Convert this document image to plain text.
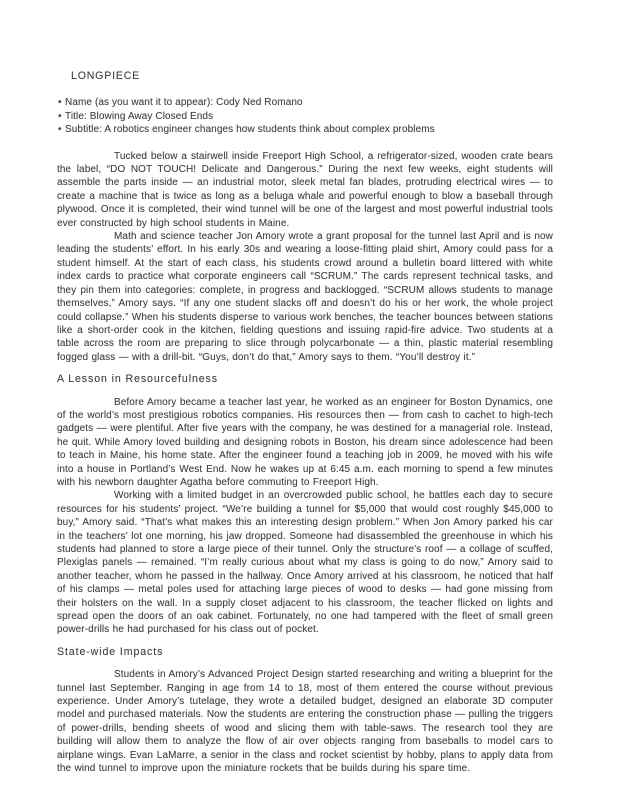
LONGPIECE
• Name (as you want it to appear): Cody Ned Romano
• Title: Blowing Away Closed Ends
• Subtitle: A robotics engineer changes how students think about complex problems

Tucked below a stairwell inside Freeport High School, a refrigerator-sized, wooden crate bears the label, “DO NOT TOUCH! Delicate and Dangerous.” During the next few weeks, eight students will assemble the parts inside — an industrial motor, sleek metal fan blades, protruding electrical wires — to create a machine that is twice as long as a beluga whale and powerful enough to blow a baseball through plywood. Once it is completed, their wind tunnel will be one of the largest and most powerful industrial tools ever constructed by high school students in Maine.

Math and science teacher Jon Amory wrote a grant proposal for the tunnel last April and is now leading the students’ effort. In his early 30s and wearing a loose-fitting plaid shirt, Amory could pass for a student himself. At the start of each class, his students crowd around a bulletin board littered with white index cards to practice what corporate engineers call “SCRUM.” The cards represent technical tasks, and they pin them into categories: complete, in progress and backlogged. “SCRUM allows students to manage themselves,” Amory says. “If any one student slacks off and doesn’t do his or her work, the whole project could collapse.” When his students disperse to various work benches, the teacher bounces between stations like a short-order cook in the kitchen, fielding questions and issuing rapid-fire advice. Two students at a table across the room are preparing to slice through polycarbonate — a thin, plastic material resembling fogged glass — with a drill-bit. “Guys, don’t do that,” Amory says to them. “You’ll destroy it.”

A Lesson in Resourcefulness

Before Amory became a teacher last year, he worked as an engineer for Boston Dynamics, one of the world’s most prestigious robotics companies. His resources then — from cash to cachet to high-tech gadgets — were plentiful. After five years with the company, he was destined for a managerial role. Instead, he quit. While Amory loved building and designing robots in Boston, his dream since adolescence had been to teach in Maine, his home state. After the engineer found a teaching job in 2009, he moved with his wife into a house in Portland’s West End. Now he wakes up at 6:45 a.m. each morning to spend a few minutes with his newborn daughter Agatha before commuting to Freeport High.

Working with a limited budget in an overcrowded public school, he battles each day to secure resources for his students’ project. “We’re building a tunnel for $5,000 that would cost roughly $45,000 to buy,” Amory said. “That’s what makes this an interesting design problem.” When Jon Amory parked his car in the teachers’ lot one morning, his jaw dropped. Someone had disassembled the greenhouse in which his students had planned to store a large piece of their tunnel. Only the structure’s roof — a collage of scuffed, Plexiglas panels — remained. “I’m really curious about what my class is going to do now,” Amory said to another teacher, whom he passed in the hallway. Once Amory arrived at his classroom, he noticed that half of his clamps — metal poles used for attaching large pieces of wood to desks — had gone missing from their holsters on the wall. In a supply closet adjacent to his classroom, the teacher flicked on lights and spread open the doors of an oak cabinet. Fortunately, no one had tampered with the fleet of small green power-drills he had purchased for his class out of pocket.

State-wide Impacts

Students in Amory’s Advanced Project Design started researching and writing a blueprint for the tunnel last September. Ranging in age from 14 to 18, most of them entered the course without previous experience. Under Amory’s tutelage, they wrote a detailed budget, designed an elaborate 3D computer model and purchased materials. Now the students are entering the construction phase — pulling the triggers of power-drills, bending sheets of wood and slicing them with table-saws. The research tool they are building will allow them to analyze the flow of air over objects ranging from baseballs to model cars to airplane wings. Evan LaMarre, a senior in the class and rocket scientist by hobby, plans to apply data from the wind tunnel to improve upon the miniature rockets that be builds during his spare time.
